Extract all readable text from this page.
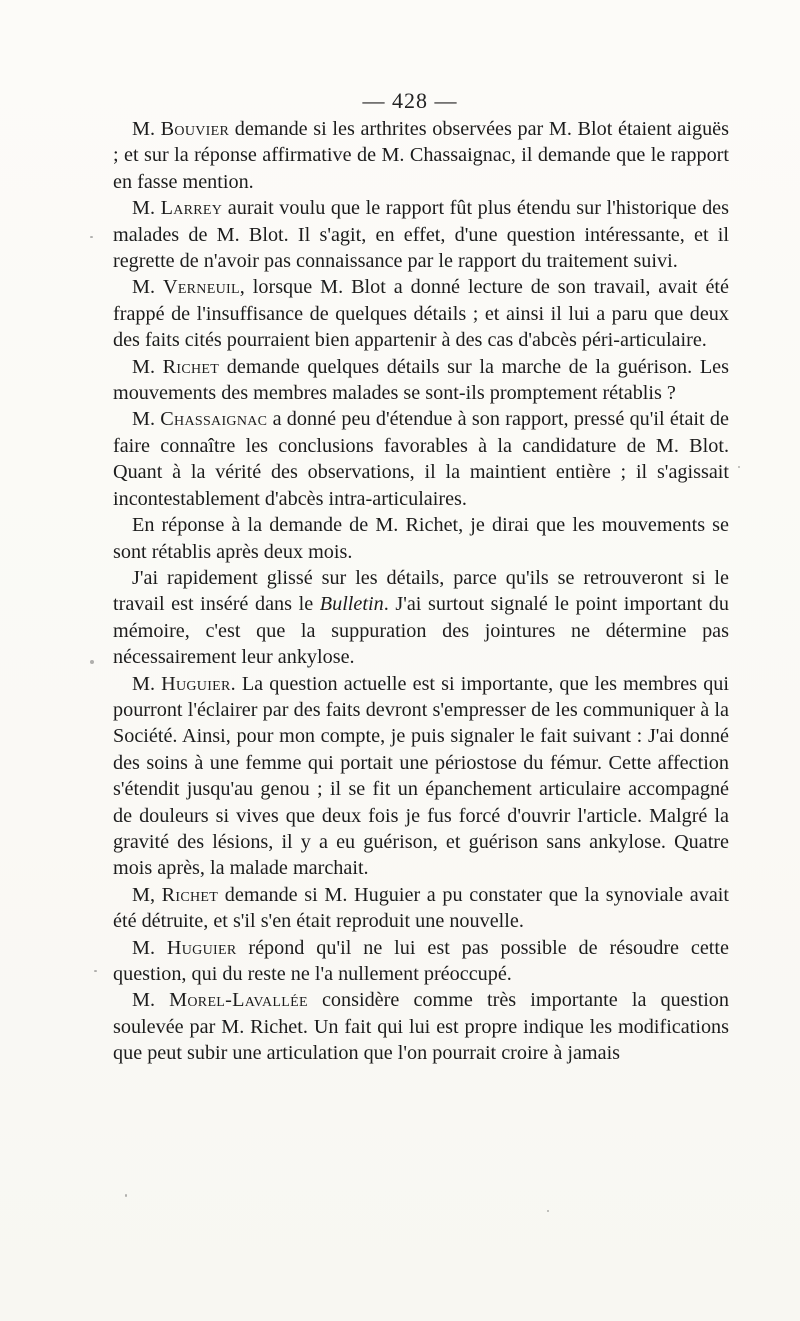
— 428 —

M. Bouvier demande si les arthrites observées par M. Blot étaient aiguës ; et sur la réponse affirmative de M. Chassaignac, il demande que le rapport en fasse mention.

M. Larrey aurait voulu que le rapport fût plus étendu sur l'historique des malades de M. Blot. Il s'agit, en effet, d'une question intéressante, et il regrette de n'avoir pas connaissance par le rapport du traitement suivi.

M. Verneuil, lorsque M. Blot a donné lecture de son travail, avait été frappé de l'insuffisance de quelques détails ; et ainsi il lui a paru que deux des faits cités pourraient bien appartenir à des cas d'abcès péri-articulaire.

M. Richet demande quelques détails sur la marche de la guérison. Les mouvements des membres malades se sont-ils promptement rétablis ?

M. Chassaignac a donné peu d'étendue à son rapport, pressé qu'il était de faire connaître les conclusions favorables à la candidature de M. Blot. Quant à la vérité des observations, il la maintient entière ; il s'agissait incontestablement d'abcès intra-articulaires.

En réponse à la demande de M. Richet, je dirai que les mouvements se sont rétablis après deux mois.

J'ai rapidement glissé sur les détails, parce qu'ils se retrouveront si le travail est inséré dans le Bulletin. J'ai surtout signalé le point important du mémoire, c'est que la suppuration des jointures ne détermine pas nécessairement leur ankylose.

M. Huguier. La question actuelle est si importante, que les membres qui pourront l'éclairer par des faits devront s'empresser de les communiquer à la Société. Ainsi, pour mon compte, je puis signaler le fait suivant : J'ai donné des soins à une femme qui portait une périostose du fémur. Cette affection s'étendit jusqu'au genou ; il se fit un épanchement articulaire accompagné de douleurs si vives que deux fois je fus forcé d'ouvrir l'article. Malgré la gravité des lésions, il y a eu guérison, et guérison sans ankylose. Quatre mois après, la malade marchait.

M, Richet demande si M. Huguier a pu constater que la synoviale avait été détruite, et s'il s'en était reproduit une nouvelle.

M. Huguier répond qu'il ne lui est pas possible de résoudre cette question, qui du reste ne l'a nullement préoccupé.

M. Morel-Lavallée considère comme très importante la question soulevée par M. Richet. Un fait qui lui est propre indique les modifications que peut subir une articulation que l'on pourrait croire à jamais
